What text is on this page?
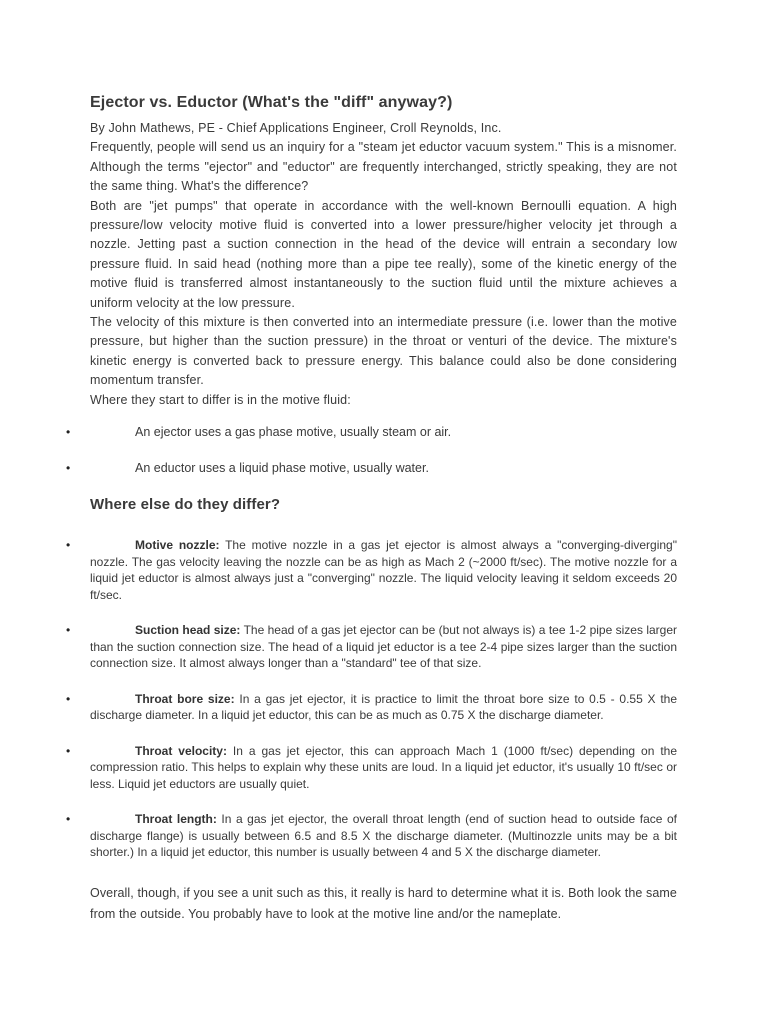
Ejector vs. Eductor (What's the "diff" anyway?)

By John Mathews, PE - Chief Applications Engineer, Croll Reynolds, Inc.

Frequently, people will send us an inquiry for a "steam jet eductor vacuum system." This is a misnomer. Although the terms "ejector" and "eductor" are frequently interchanged, strictly speaking, they are not the same thing. What's the difference?

Both are "jet pumps" that operate in accordance with the well-known Bernoulli equation. A high pressure/low velocity motive fluid is converted into a lower pressure/higher velocity jet through a nozzle. Jetting past a suction connection in the head of the device will entrain a secondary low pressure fluid. In said head (nothing more than a pipe tee really), some of the kinetic energy of the motive fluid is transferred almost instantaneously to the suction fluid until the mixture achieves a uniform velocity at the low pressure.

The velocity of this mixture is then converted into an intermediate pressure (i.e. lower than the motive pressure, but higher than the suction pressure) in the throat or venturi of the device. The mixture's kinetic energy is converted back to pressure energy. This balance could also be done considering momentum transfer.

Where they start to differ is in the motive fluid:

•	An ejector uses a gas phase motive, usually steam or air.
•	An eductor uses a liquid phase motive, usually water.
Where else do they differ?
•	Motive nozzle: The motive nozzle in a gas jet ejector is almost always a "converging-diverging" nozzle. The gas velocity leaving the nozzle can be as high as Mach 2 (~2000 ft/sec). The motive nozzle for a liquid jet eductor is almost always just a "converging" nozzle. The liquid velocity leaving it seldom exceeds 20 ft/sec.
•	Suction head size: The head of a gas jet ejector can be (but not always is) a tee 1-2 pipe sizes larger than the suction connection size. The head of a liquid jet eductor is a tee 2-4 pipe sizes larger than the suction connection size. It almost always longer than a "standard" tee of that size.
•	Throat bore size: In a gas jet ejector, it is practice to limit the throat bore size to 0.5 - 0.55 X the discharge diameter. In a liquid jet eductor, this can be as much as 0.75 X the discharge diameter.
•	Throat velocity: In a gas jet ejector, this can approach Mach 1 (1000 ft/sec) depending on the compression ratio. This helps to explain why these units are loud. In a liquid jet eductor, it's usually 10 ft/sec or less. Liquid jet eductors are usually quiet.
•	Throat length: In a gas jet ejector, the overall throat length (end of suction head to outside face of discharge flange) is usually between 6.5 and 8.5 X the discharge diameter. (Multinozzle units may be a bit shorter.) In a liquid jet eductor, this number is usually between 4 and 5 X the discharge diameter.

Overall, though, if you see a unit such as this, it really is hard to determine what it is. Both look the same from the outside. You probably have to look at the motive line and/or the nameplate.
